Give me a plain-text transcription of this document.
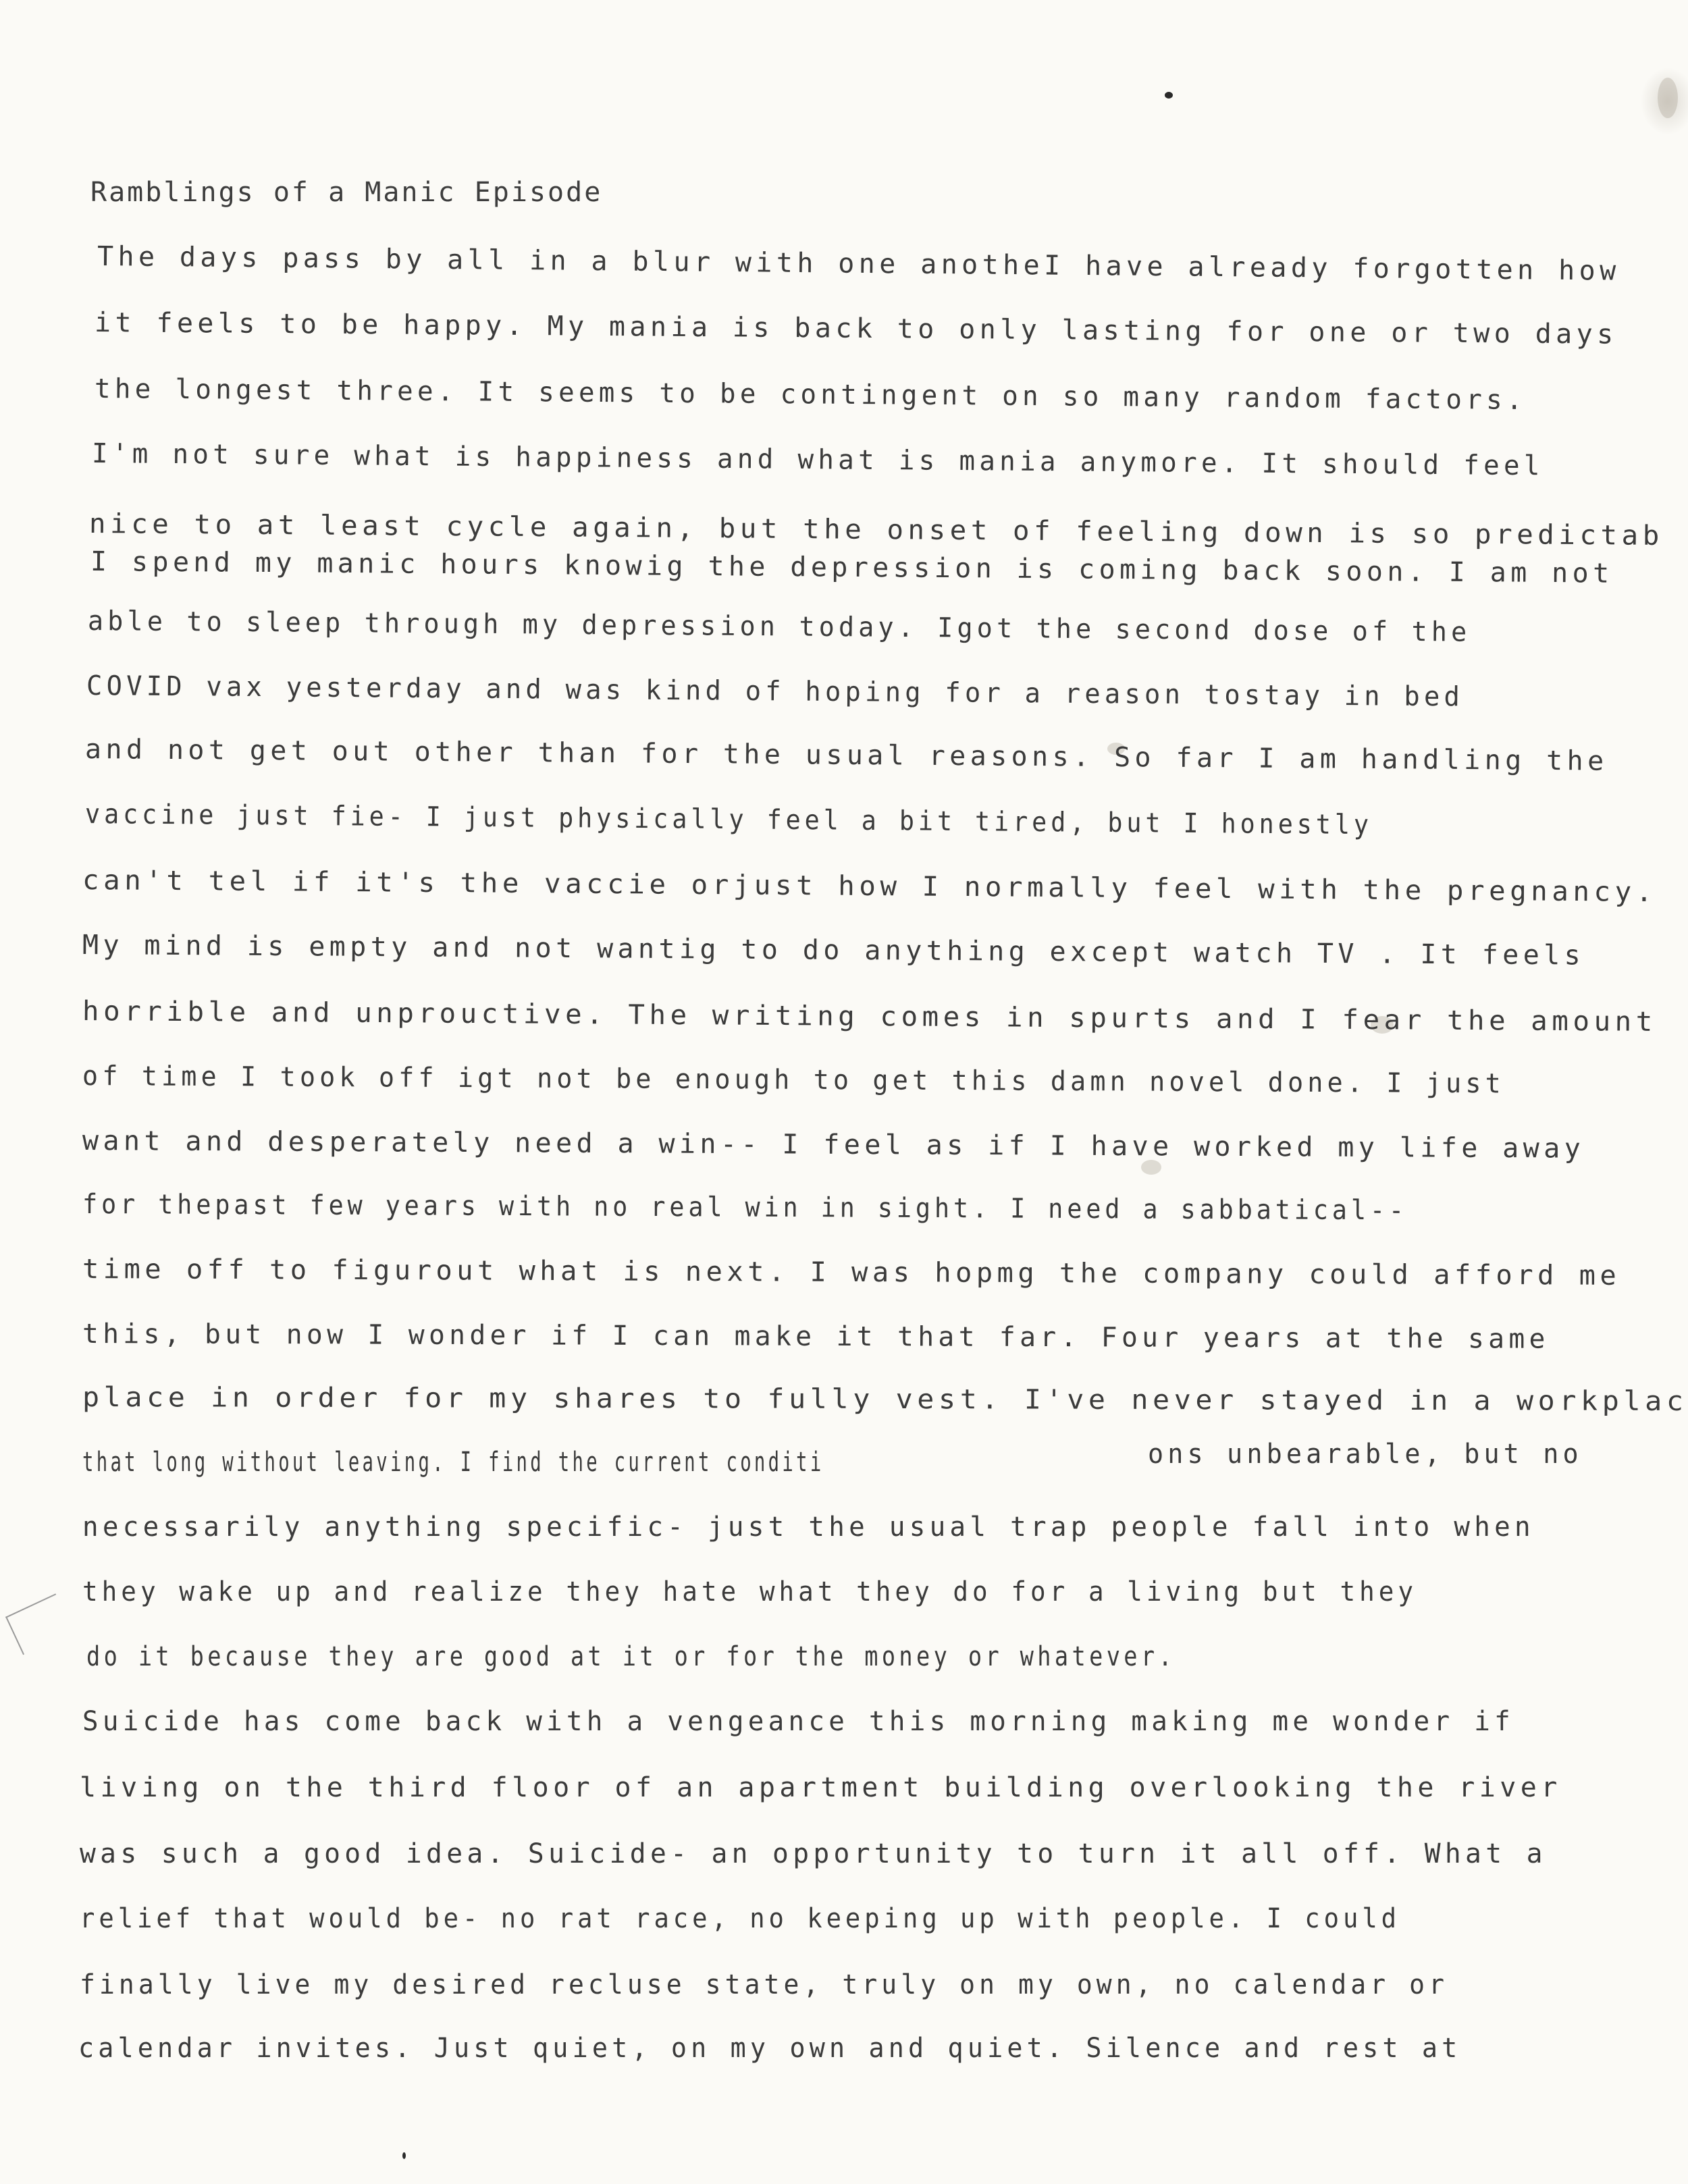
Ramblings of a Manic Episode
The days pass by all in a blur with one anotheI have already forgotten how
it feels to be happy. My mania is back to only lasting for one or two days
the longest three. It seems to be contingent on so many random factors.
I'm not sure what is happiness and what is mania anymore. It should feel
nice to at least cycle again, but the onset of feeling down is so predictab
I spend my manic hours knowig the depression is coming back soon. I am not
able to sleep through my depression today. Igot the second dose of the
COVID vax yesterday and was kind of hoping for a reason tostay in bed
and not get out other than for the usual reasons. So far I am handling the
vaccine just fie- I just physically feel a bit tired, but I honestly
can't tel if it's the vaccie orjust how I normally feel with the pregnancy.
My mind is empty and not wantig to do anything except watch TV . It feels
horrible and unprouctive. The writing comes in spurts and I fear the amount
of time I took off igt not be enough to get this damn novel done. I just
want and desperately need a win-- I feel as if I have worked my life away
for thepast few years with no real win in sight. I need a sabbatical--
time off to figurout what is next. I was hopmg the company could afford me
this, but now I wonder if I can make it that far. Four years at the same
place in order for my shares to fully vest. I've never stayed in a workplac
that long without leaving. I find the current conditi
necessarily anything specific- just the usual trap people fall into when
they wake up and realize they hate what they do for a living but they
do it because they are good at it or for the money or whatever.
Suicide has come back with a vengeance this morning making me wonder if
living on the third floor of an apartment building overlooking the river
was such a good idea. Suicide- an opportunity to turn it all off. What a
relief that would be- no rat race, no keeping up with people. I could
finally live my desired recluse state, truly on my own, no calendar or
calendar invites. Just quiet, on my own and quiet. Silence and rest at
ons unbearable, but no
